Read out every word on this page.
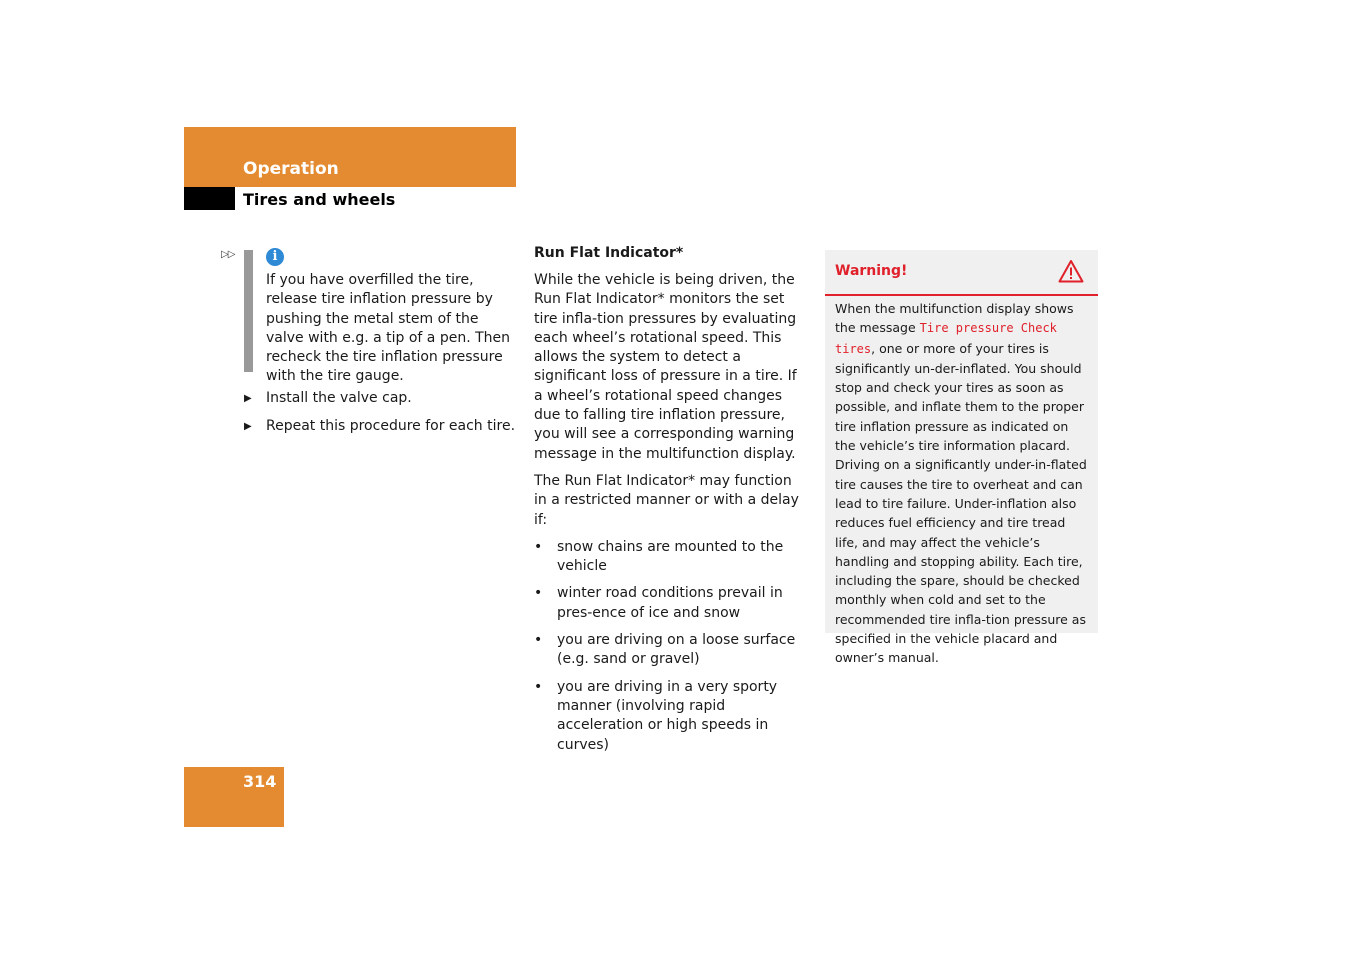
Operation
Tires and wheels
▷▷	i
If you have overfilled the tire, release tire inflation pressure by pushing the metal stem of the valve with e.g. a tip of a pen. Then recheck the tire inflation pressure with the tire gauge.
▶ Install the valve cap.
▶ Repeat this procedure for each tire.
Run Flat Indicator*

While the vehicle is being driven, the Run Flat Indicator* monitors the set tire infla-tion pressures by evaluating each wheel’s rotational speed. This allows the system to detect a significant loss of pressure in a tire. If a wheel’s rotational speed changes due to falling tire inflation pressure, you will see a corresponding warning message in the multifunction display.

The Run Flat Indicator* may function in a restricted manner or with a delay if:

• snow chains are mounted to the vehicle
• winter road conditions prevail in pres-ence of ice and snow
• you are driving on a loose surface (e.g. sand or gravel)
• you are driving in a very sporty manner (involving rapid acceleration or high speeds in curves)
Warning!
When the multifunction display shows the message Tire pressure Check tires, one or more of your tires is significantly un-der-inflated. You should stop and check your tires as soon as possible, and inflate them to the proper tire inflation pressure as indicated on the vehicle’s tire information placard. Driving on a significantly under-in-flated tire causes the tire to overheat and can lead to tire failure. Under-inflation also reduces fuel efficiency and tire tread life, and may affect the vehicle’s handling and stopping ability. Each tire, including the spare, should be checked monthly when cold and set to the recommended tire infla-tion pressure as specified in the vehicle placard and owner’s manual.
314
